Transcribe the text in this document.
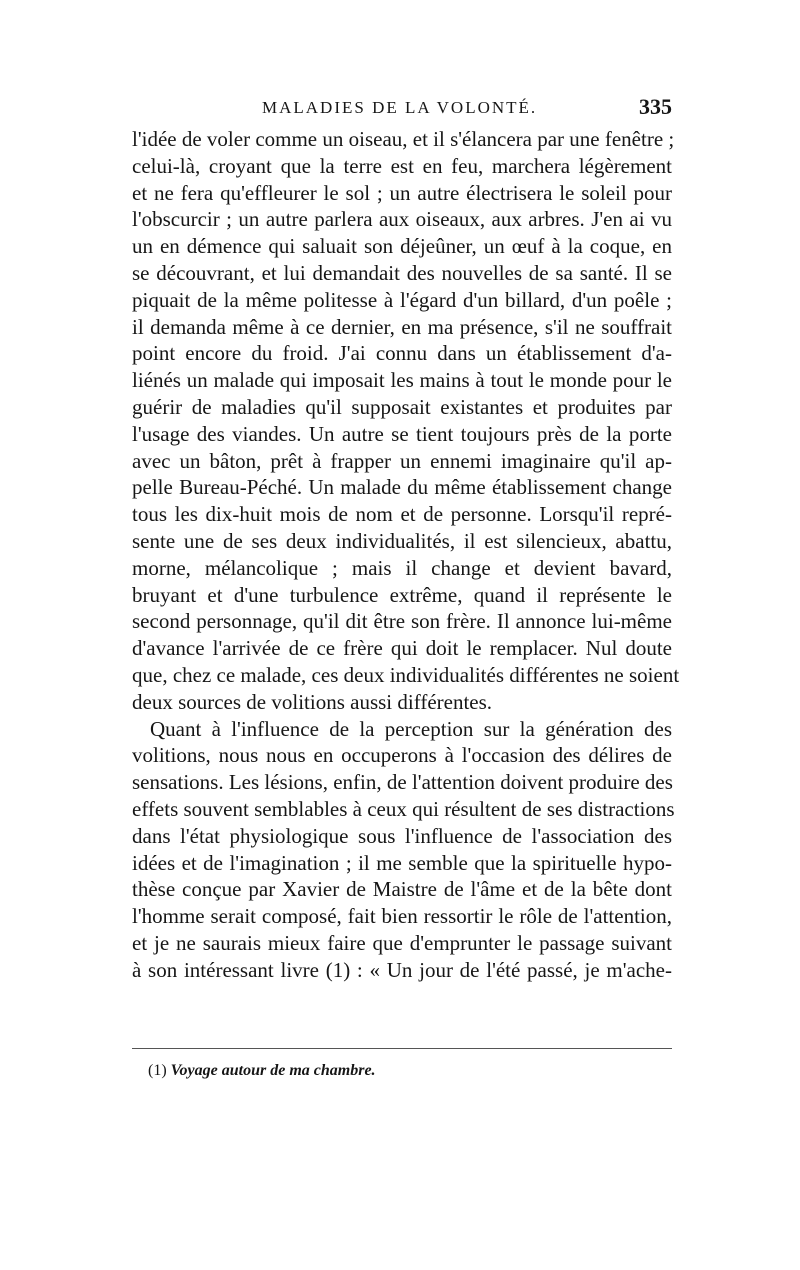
MALADIES DE LA VOLONTÉ.	335
l'idée de voler comme un oiseau, et il s'élancera par une fenêtre ;
celui-là, croyant que la terre est en feu, marchera légèrement
et ne fera qu'effleurer le sol ; un autre électrisera le soleil pour
l'obscurcir ; un autre parlera aux oiseaux, aux arbres. J'en ai vu
un en démence qui saluait son déjeûner, un œuf à la coque, en
se découvrant, et lui demandait des nouvelles de sa santé. Il se
piquait de la même politesse à l'égard d'un billard, d'un poêle ;
il demanda même à ce dernier, en ma présence, s'il ne souffrait
point encore du froid. J'ai connu dans un établissement d'a-
liénés un malade qui imposait les mains à tout le monde pour le
guérir de maladies qu'il supposait existantes et produites par
l'usage des viandes. Un autre se tient toujours près de la porte
avec un bâton, prêt à frapper un ennemi imaginaire qu'il ap-
pelle Bureau-Péché. Un malade du même établissement change
tous les dix-huit mois de nom et de personne. Lorsqu'il repré-
sente une de ses deux individualités, il est silencieux, abattu,
morne, mélancolique ; mais il change et devient bavard,
bruyant et d'une turbulence extrême, quand il représente le
second personnage, qu'il dit être son frère. Il annonce lui-même
d'avance l'arrivée de ce frère qui doit le remplacer. Nul doute
que, chez ce malade, ces deux individualités différentes ne soient
deux sources de volitions aussi différentes.
Quant à l'influence de la perception sur la génération des
volitions, nous nous en occuperons à l'occasion des délires de
sensations. Les lésions, enfin, de l'attention doivent produire des
effets souvent semblables à ceux qui résultent de ses distractions
dans l'état physiologique sous l'influence de l'association des
idées et de l'imagination ; il me semble que la spirituelle hypo-
thèse conçue par Xavier de Maistre de l'âme et de la bête dont
l'homme serait composé, fait bien ressortir le rôle de l'attention,
et je ne saurais mieux faire que d'emprunter le passage suivant
à son intéressant livre (1) : « Un jour de l'été passé, je m'ache-
(1) Voyage autour de ma chambre.
